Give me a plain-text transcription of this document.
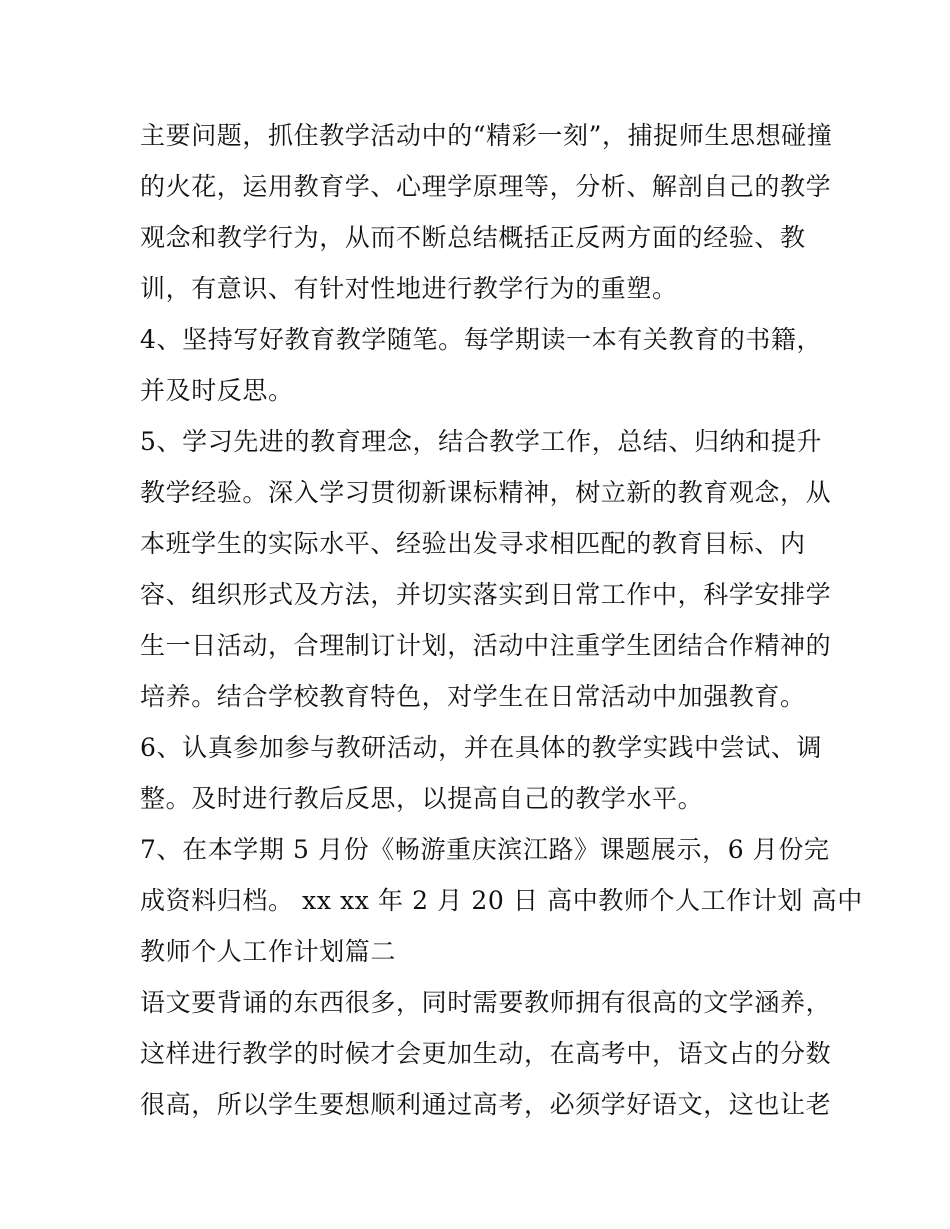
主要问题，抓住教学活动中的“精彩一刻”，捕捉师生思想碰撞
的火花，运用教育学、心理学原理等，分析、解剖自己的教学
观念和教学行为，从而不断总结概括正反两方面的经验、教
训，有意识、有针对性地进行教学行为的重塑。
4、坚持写好教育教学随笔。每学期读一本有关教育的书籍，
并及时反思。
5、学习先进的教育理念，结合教学工作，总结、归纳和提升
教学经验。深入学习贯彻新课标精神，树立新的教育观念，从
本班学生的实际水平、经验出发寻求相匹配的教育目标、内
容、组织形式及方法，并切实落实到日常工作中，科学安排学
生一日活动，合理制订计划，活动中注重学生团结合作精神的
培养。结合学校教育特色，对学生在日常活动中加强教育。
6、认真参加参与教研活动，并在具体的教学实践中尝试、调
整。及时进行教后反思，以提高自己的教学水平。
7、在本学期 5 月份《畅游重庆滨江路》课题展示，6 月份完
成资料归档。 xx xx 年 2 月 20 日 高中教师个人工作计划 高中
教师个人工作计划篇二
语文要背诵的东西很多，同时需要教师拥有很高的文学涵养，
这样进行教学的时候才会更加生动，在高考中，语文占的分数
很高，所以学生要想顺利通过高考，必须学好语文，这也让老
